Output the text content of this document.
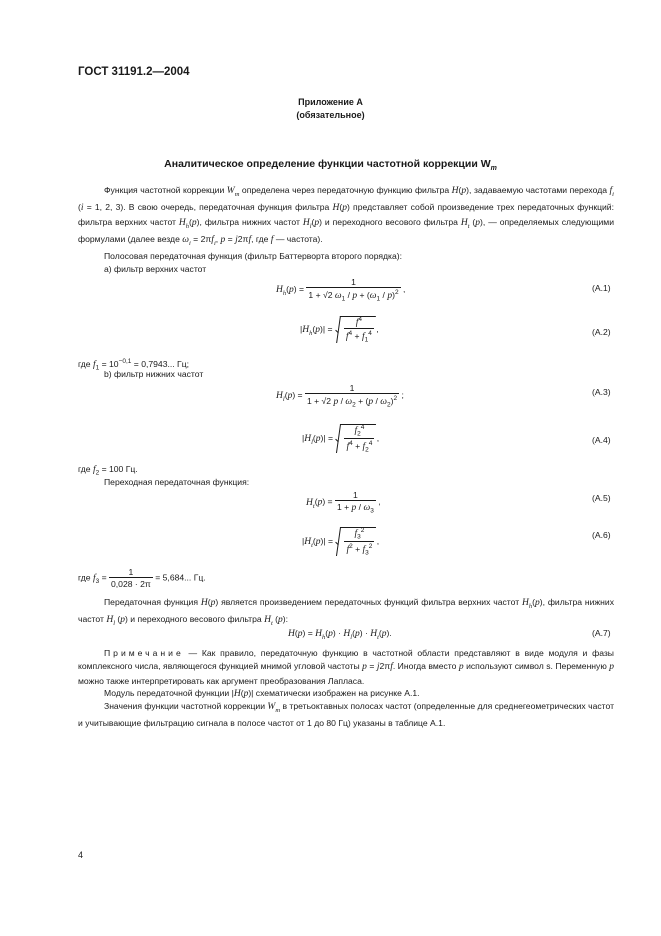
ГОСТ 31191.2—2004
Приложение А
(обязательное)
Аналитическое определение функции частотной коррекции $W_m$
Функция частотной коррекции $W_m$ определена через передаточную функцию фильтра H(p), задаваемую частотами перехода $f_i$ (i = 1, 2, 3). В свою очередь, передаточная функция фильтра H(p) представляет собой произведение трех передаточных функций: фильтра верхних частот $H_h(p)$, фильтра нижних частот $H_l(p)$ и переходного весового фильтра $H_t$ (p), — определяемых следующими формулами (далее везде $\omega_i = 2\pi f_i$, p = j2πf, где f — частота).
Полосовая передаточная функция (фильтр Баттерворта второго порядка):
а) фильтр верхних частот
$H_h(p) = \frac{1}{1 + √2 \omega_1 / p + (\omega_1 / p)^2}$ ,	(А.1)
$|H_h(p)| = \frac{f^4}{f^4 + f_1^4}$ ,	(А.2)
где $f_1 = 10^{-0,1} = 0,7943$... Гц;
b) фильтр нижних частот
$H_l(p) = \frac{1}{1 + √2 p / \omega_2 + (p / \omega_2)^2}$ ;	(А.3)
$|H_l(p)| = \frac{f_2^4}{f^4 + f_2^4}$ ,	(А.4)
где $f_2 = 100$ Гц.
Переходная передаточная функция:
$H_t(p) = \frac{1}{1 + p / \omega_3}$ ,	(А.5)
$|H_t(p)| = \frac{f_3^2}{f^2 + f_3^2}$ ,
(А.6)
где $f_3 = \frac{1}{0,028 \cdot 2\pi} = 5,684$... Гц.
Передаточная функция H(p) является произведением передаточных функций фильтра верхних частот $H_h(p)$, фильтра нижних частот $H_l$ (p) и переходного весового фильтра $H_t$ (p):
$H(p) = H_h(p) \cdot H_l(p) \cdot H_t(p)$.	(А.7)
Примечание — Как правило, передаточную функцию в частотной области представляют в виде модуля и фазы комплексного числа, являющегося функцией мнимой угловой частоты p = j2πf. Иногда вместо p используют символ s. Переменную p можно также интерпретировать как аргумент преобразования Лапласа.
Модуль передаточной функции |H(p)| схематически изображен на рисунке А.1.
Значения функции частотной коррекции $W_m$ в третьоктавных полосах частот (определенные для среднегеометрических частот и учитывающие фильтрацию сигнала в полосе частот от 1 до 80 Гц) указаны в таблице А.1.
4
